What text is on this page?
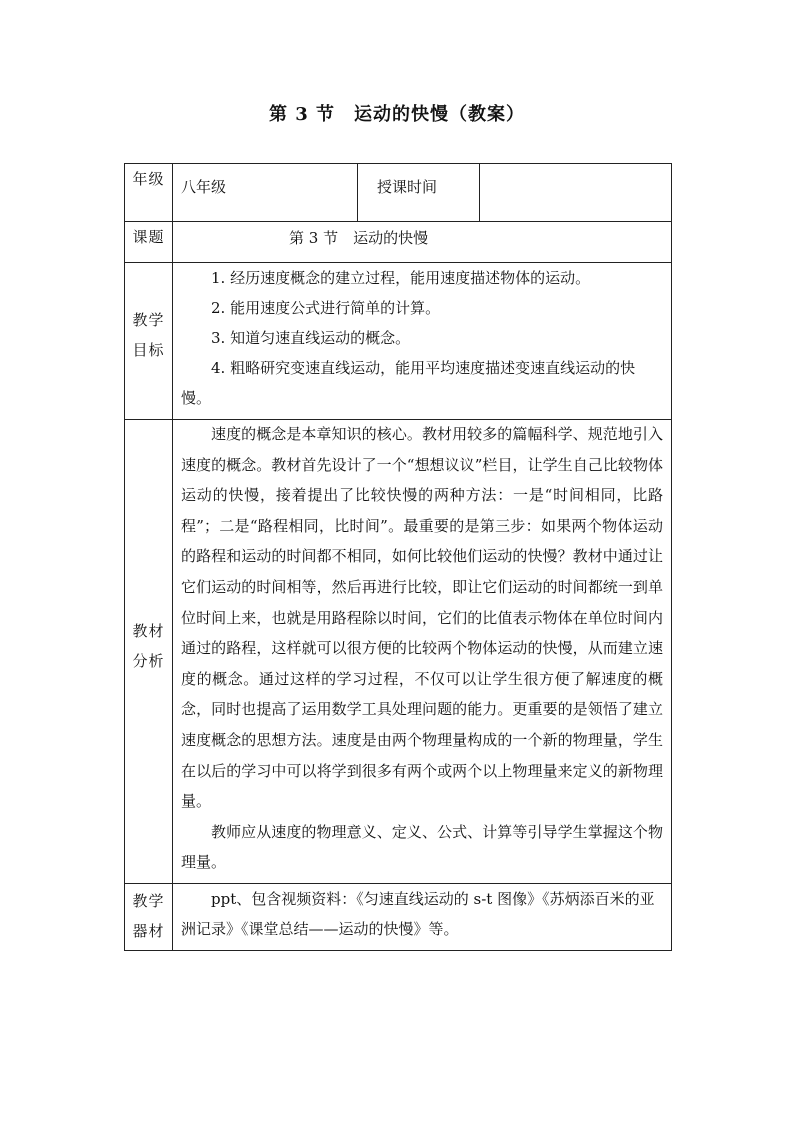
第 3 节　运动的快慢（教案）
年级	八年级	授课时间	

课题	第 3 节　运动的快慢		

教学
目标	1. 经历速度概念的建立过程，能用速度描述物体的运动。
2. 能用速度公式进行简单的计算。
3. 知道匀速直线运动的概念。
4. 粗略研究变速直线运动，能用平均速度描述变速直线运动的快慢。		

教材
分析	速度的概念是本章知识的核心。教材用较多的篇幅科学、规范地引入速度的概念。教材首先设计了一个“想想议议”栏目，让学生自己比较物体运动的快慢，接着提出了比较快慢的两种方法：一是“时间相同，比路程”；二是“路程相同，比时间”。最重要的是第三步：如果两个物体运动的路程和运动的时间都不相同，如何比较他们运动的快慢？教材中通过让它们运动的时间相等，然后再进行比较，即让它们运动的时间都统一到单位时间上来，也就是用路程除以时间，它们的比值表示物体在单位时间内通过的路程，这样就可以很方便的比较两个物体运动的快慢，从而建立速度的概念。通过这样的学习过程，不仅可以让学生很方便了解速度的概念，同时也提高了运用数学工具处理问题的能力。更重要的是领悟了建立速度概念的思想方法。速度是由两个物理量构成的一个新的物理量，学生在以后的学习中可以将学到很多有两个或两个以上物理量来定义的新物理量。
教师应从速度的物理意义、定义、公式、计算等引导学生掌握这个物理量。		

教学
器材	ppt、包含视频资料：《匀速直线运动的 s-t 图像》《苏炳添百米的亚洲记录》《课堂总结——运动的快慢》等。		
